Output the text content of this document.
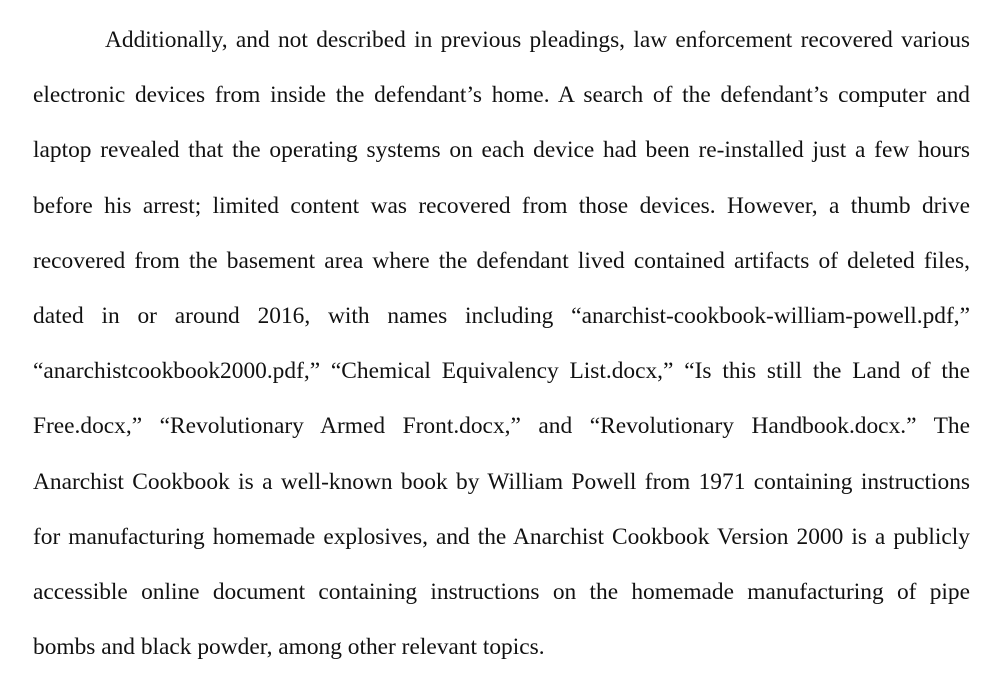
Additionally, and not described in previous pleadings, law enforcement recovered various
electronic devices from inside the defendant’s home. A search of the defendant’s computer and
laptop revealed that the operating systems on each device had been re-installed just a few hours
before his arrest; limited content was recovered from those devices. However, a thumb drive
recovered from the basement area where the defendant lived contained artifacts of deleted files,
dated in or around 2016, with names including “anarchist-cookbook-william-powell.pdf,”
“anarchistcookbook2000.pdf,” “Chemical Equivalency List.docx,” “Is this still the Land of the
Free.docx,” “Revolutionary Armed Front.docx,” and “Revolutionary Handbook.docx.” The
Anarchist Cookbook is a well-known book by William Powell from 1971 containing instructions
for manufacturing homemade explosives, and the Anarchist Cookbook Version 2000 is a publicly
accessible online document containing instructions on the homemade manufacturing of pipe
bombs and black powder, among other relevant topics.
